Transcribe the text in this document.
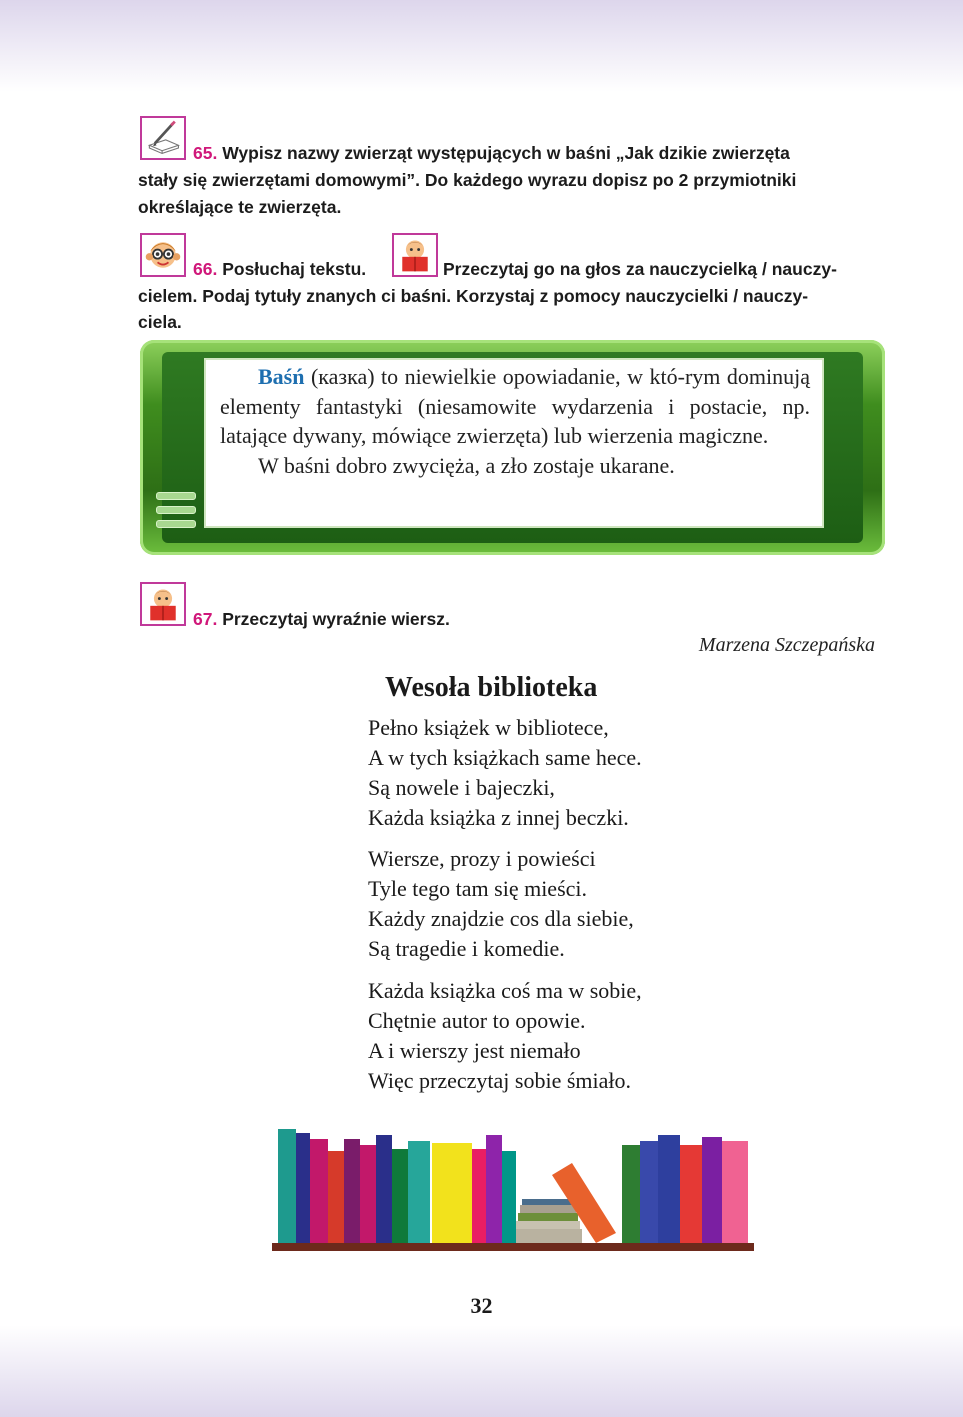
65. Wypisz nazwy zwierząt występujących w baśni „Jak dzikie zwierzęta
stały się zwierzętami domowymi”. Do każdego wyrazu dopisz po 2 przymiotniki
określające te zwierzęta.
66. Posłuchaj tekstu.	Przeczytaj go na głos za nauczycielką / nauczy-
cielem. Podaj tytuły znanych ci baśni. Korzystaj z pomocy nauczycielki / nauczy-
ciela.

Baśń (казка) to niewielkie opowiadanie, w któ-rym dominują elementy fantastyki (niesamowite wydarzenia i postacie, np. latające dywany, mówiące zwierzęta) lub wierzenia magiczne.

W baśni dobro zwycięża, a zło zostaje ukarane.

67. Przeczytaj wyraźnie wiersz.
Marzena Szczepańska
Wesoła biblioteka
Pełno książek w bibliotece,
A w tych książkach same hece.
Są nowele i bajeczki,
Każda książka z innej beczki.
Wiersze, prozy i powieści
Tyle tego tam się mieści.
Każdy znajdzie cos dla siebie,
Są tragedie i komedie.
Każda książka coś ma w sobie,
Chętnie autor to opowie.
A i wierszy jest niemało
Więc przeczytaj sobie śmiało.
32
